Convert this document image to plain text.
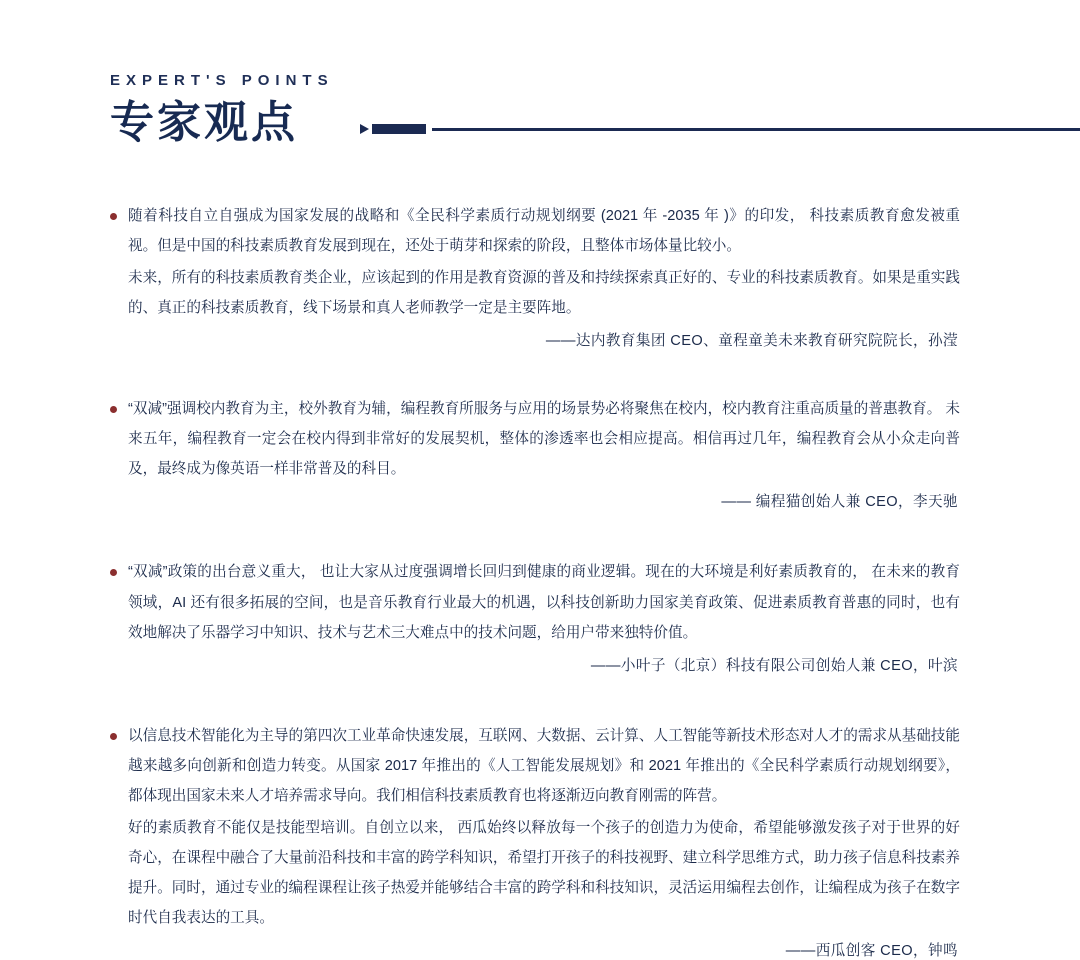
EXPERT'S POINTS
专家观点
随着科技自立自强成为国家发展的战略和《全民科学素质行动规划纲要 (2021 年 -2035 年 )》的印发， 科技素质教育愈发被重视。但是中国的科技素质教育发展到现在，还处于萌芽和探索的阶段，且整体市场体量比较小。
未来，所有的科技素质教育类企业，应该起到的作用是教育资源的普及和持续探索真正好的、专业的科技素质教育。如果是重实践的、真正的科技素质教育，线下场景和真人老师教学一定是主要阵地。
——达内教育集团 CEO、童程童美未来教育研究院院长，孙滢
“双减”强调校内教育为主，校外教育为辅，编程教育所服务与应用的场景势必将聚焦在校内，校内教育注重高质量的普惠教育。 未来五年，编程教育一定会在校内得到非常好的发展契机，整体的渗透率也会相应提高。相信再过几年，编程教育会从小众走向普及，最终成为像英语一样非常普及的科目。
—— 编程猫创始人兼 CEO，李天驰
“双减”政策的出台意义重大， 也让大家从过度强调增长回归到健康的商业逻辑。现在的大环境是利好素质教育的， 在未来的教育领域，AI 还有很多拓展的空间，也是音乐教育行业最大的机遇，以科技创新助力国家美育政策、促进素质教育普惠的同时，也有效地解决了乐器学习中知识、技术与艺术三大难点中的技术问题，给用户带来独特价值。
——小叶子（北京）科技有限公司创始人兼 CEO，叶滨
以信息技术智能化为主导的第四次工业革命快速发展，互联网、大数据、云计算、人工智能等新技术形态对人才的需求从基础技能越来越多向创新和创造力转变。从国家 2017 年推出的《人工智能发展规划》和 2021 年推出的《全民科学素质行动规划纲要》，都体现出国家未来人才培养需求导向。我们相信科技素质教育也将逐渐迈向教育刚需的阵营。
好的素质教育不能仅是技能型培训。自创立以来， 西瓜始终以释放每一个孩子的创造力为使命，希望能够激发孩子对于世界的好奇心，在课程中融合了大量前沿科技和丰富的跨学科知识，希望打开孩子的科技视野、建立科学思维方式，助力孩子信息科技素养提升。同时，通过专业的编程课程让孩子热爱并能够结合丰富的跨学科和科技知识，灵活运用编程去创作，让编程成为孩子在数字时代自我表达的工具。
——西瓜创客 CEO，钟鸣
